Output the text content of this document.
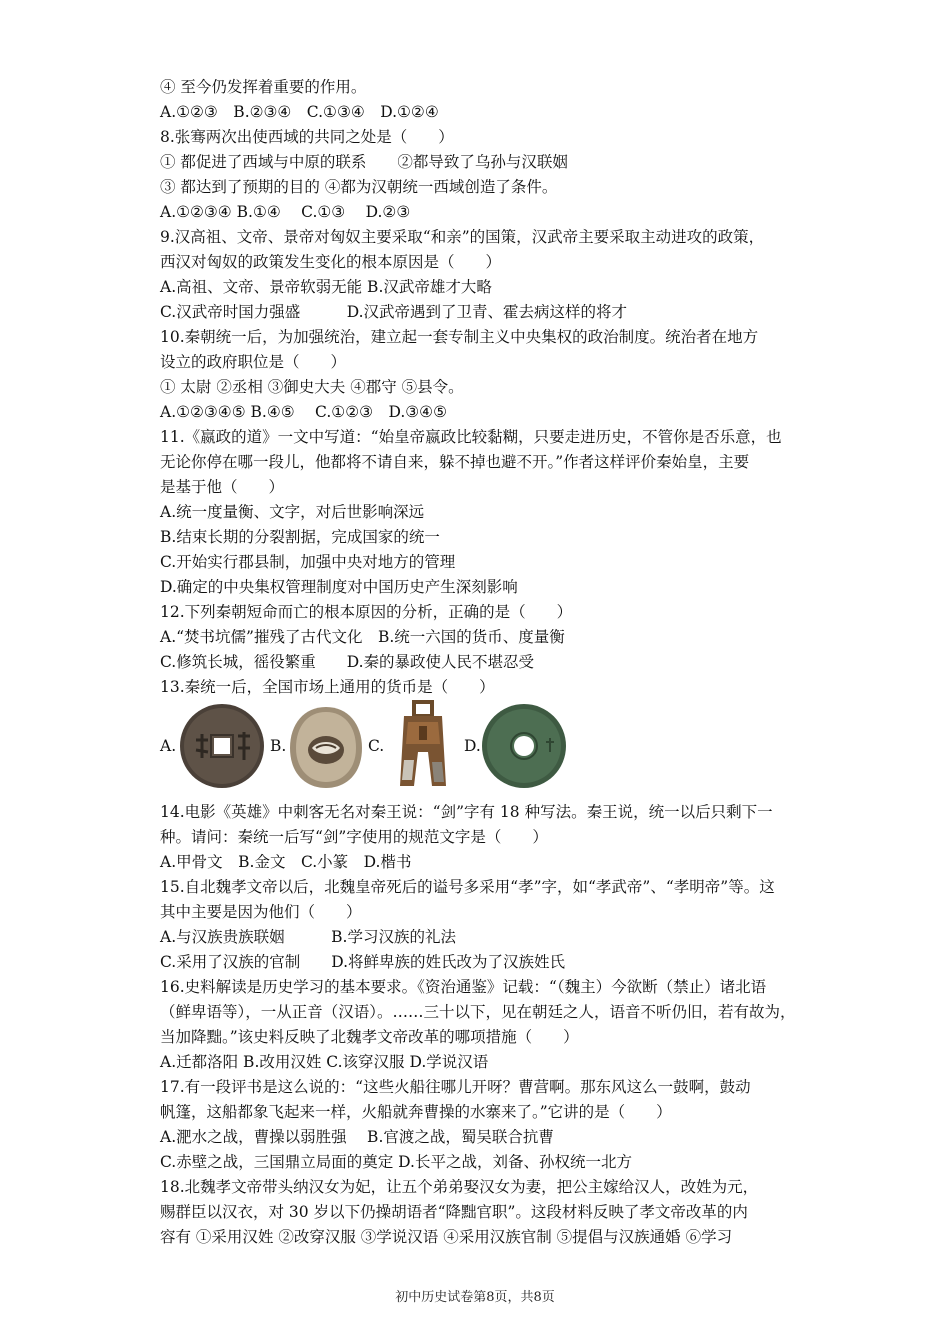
④ 至今仍发挥着重要的作用。
A.①②③　B.②③④　C.①③④　D.①②④
8.张骞两次出使西域的共同之处是（　　）
① 都促进了西域与中原的联系　　②都导致了乌孙与汉联姻
③ 都达到了预期的目的 ④都为汉朝统一西域创造了条件。
A.①②③④ B.①④　 C.①③　 D.②③
9.汉高祖、文帝、景帝对匈奴主要采取“和亲”的国策，汉武帝主要采取主动进攻的政策，
西汉对匈奴的政策发生变化的根本原因是（　　）
A.高祖、文帝、景帝软弱无能 B.汉武帝雄才大略
C.汉武帝时国力强盛　　　D.汉武帝遇到了卫青、霍去病这样的将才
10.秦朝统一后，为加强统治，建立起一套专制主义中央集权的政治制度。统治者在地方
设立的政府职位是（　　）
① 太尉 ②丞相 ③御史大夫 ④郡守 ⑤县令。
A.①②③④⑤ B.④⑤　 C.①②③　D.③④⑤
11.《嬴政的道》一文中写道：“始皇帝嬴政比较黏糊，只要走进历史，不管你是否乐意，也
无论你停在哪一段儿，他都将不请自来，躲不掉也避不开。”作者这样评价秦始皇，主要
是基于他（　　）
A.统一度量衡、文字，对后世影响深远
B.结束长期的分裂割据，完成国家的统一
C.开始实行郡县制，加强中央对地方的管理
D.确定的中央集权管理制度对中国历史产生深刻影响
12.下列秦朝短命而亡的根本原因的分析，正确的是（　　）
A.“焚书坑儒”摧残了古代文化　B.统一六国的货币、度量衡
C.修筑长城，徭役繁重　　D.秦的暴政使人民不堪忍受
13.秦统一后，全国市场上通用的货币是（　　）
A.	B.	C.	D.
14.电影《英雄》中刺客无名对秦王说：“剑”字有 18 种写法。秦王说，统一以后只剩下一
种。请问：秦统一后写“剑”字使用的规范文字是（　　）
A.甲骨文　B.金文　C.小篆　D.楷书
15.自北魏孝文帝以后，北魏皇帝死后的谥号多采用“孝”字，如“孝武帝”、“孝明帝”等。这
其中主要是因为他们（　　）
A.与汉族贵族联姻　　　B.学习汉族的礼法
C.采用了汉族的官制　　D.将鲜卑族的姓氏改为了汉族姓氏
16.史料解读是历史学习的基本要求。《资治通鉴》记载：“（魏主）今欲断（禁止）诸北语
（鲜卑语等），一从正音（汉语）。……三十以下，见在朝廷之人，语音不听仍旧，若有故为，
当加降黜。”该史料反映了北魏孝文帝改革的哪项措施（　　）
A.迁都洛阳 B.改用汉姓 C.该穿汉服 D.学说汉语
17.有一段评书是这么说的：“这些火船往哪儿开呀？曹营啊。那东风这么一鼓啊，鼓动
帆篷，这船都象飞起来一样，火船就奔曹操的水寨来了。”它讲的是（　　）
A.淝水之战，曹操以弱胜强　 B.官渡之战，蜀吴联合抗曹
C.赤壁之战，三国鼎立局面的奠定 D.长平之战，刘备、孙权统一北方
18.北魏孝文帝带头纳汉女为妃，让五个弟弟娶汉女为妻，把公主嫁给汉人，改姓为元，
赐群臣以汉衣，对 30 岁以下仍操胡语者“降黜官职”。这段材料反映了孝文帝改革的内
容有 ①采用汉姓 ②改穿汉服 ③学说汉语 ④采用汉族官制 ⑤提倡与汉族通婚 ⑥学习
初中历史试卷第8页，共8页
